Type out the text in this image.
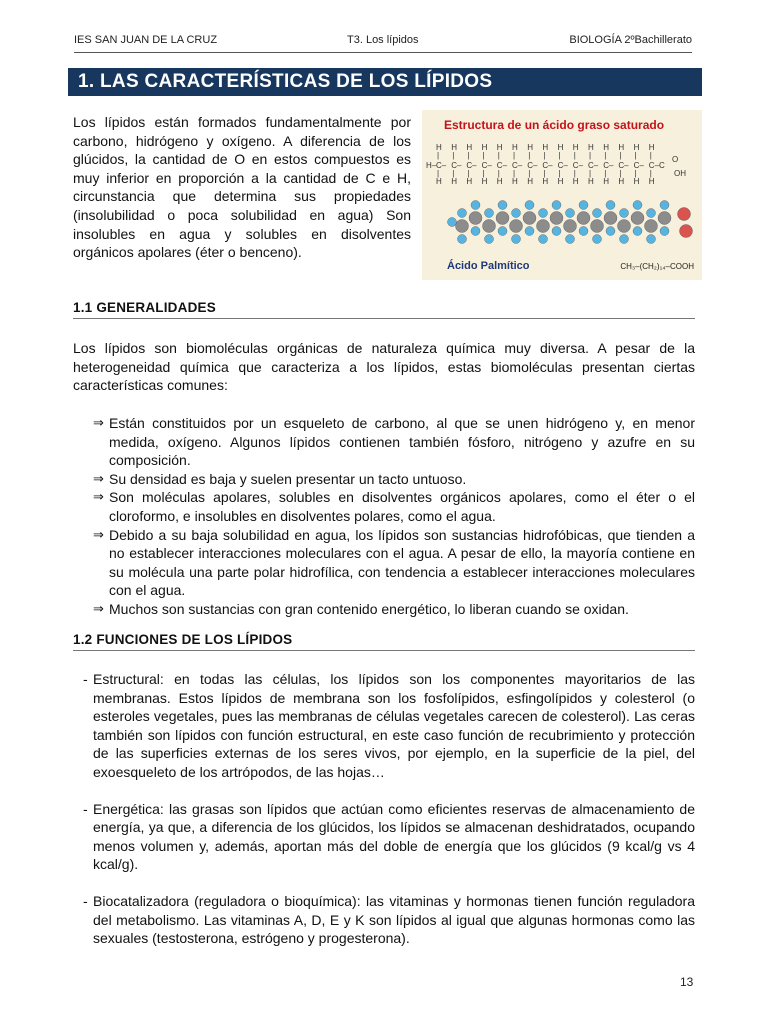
IES SAN JUAN DE LA CRUZ	T3. Los lípidos	BIOLOGÍA 2ºBachillerato
1. LAS CARACTERÍSTICAS DE LOS LÍPIDOS
Los lípidos están formados fundamentalmente por carbono, hidrógeno y oxígeno. A diferencia de los glúcidos, la cantidad de O en estos compuestos es muy inferior en proporción a la cantidad de C e H, circunstancia que determina sus propiedades (insolubilidad o poca solubilidad en agua) Son insolubles en agua y solubles en disolventes orgánicos apolares (éter o benceno).
Estructura de un ácido graso saturado
H–
H
|
C–
|
H
H
|
C–
|
H
H
|
C–
|
H
H
|
C–
|
H
H
|
C–
|
H
H
|
C–
|
H
H
|
C–
|
H
H
|
C–
|
H
H
|
C–
|
H
H
|
C–
|
H
H
|
C–
|
H
H
|
C–
|
H
H
|
C–
|
H
H
|
C–
|
H
H
|
C–C
|
H
O
OH
Ácido Palmítico	CH₃–(CH₂)₁₄–COOH
1.1 GENERALIDADES
Los lípidos son biomoléculas orgánicas de naturaleza química muy diversa. A pesar de la heterogeneidad química que caracteriza a los lípidos, estas biomoléculas presentan ciertas características comunes:
⇒ Están constituidos por un esqueleto de carbono, al que se unen hidrógeno y, en menor medida, oxígeno. Algunos lípidos contienen también fósforo, nitrógeno y azufre en su composición.
⇒ Su densidad es baja y suelen presentar un tacto untuoso.
⇒ Son moléculas apolares, solubles en disolventes orgánicos apolares, como el éter o el cloroformo, e insolubles en disolventes polares, como el agua.
⇒ Debido a su baja solubilidad en agua, los lípidos son sustancias hidrofóbicas, que tienden a no establecer interacciones moleculares con el agua. A pesar de ello, la mayoría contiene en su molécula una parte polar hidrofílica, con tendencia a establecer interacciones moleculares con el agua.
⇒ Muchos son sustancias con gran contenido energético, lo liberan cuando se oxidan.
1.2 FUNCIONES DE LOS LÍPIDOS
- Estructural: en todas las células, los lípidos son los componentes mayoritarios de las membranas. Estos lípidos de membrana son los fosfolípidos, esfingolípidos y colesterol (o esteroles vegetales, pues las membranas de células vegetales carecen de colesterol). Las ceras también son lípidos con función estructural, en este caso función de recubrimiento y protección de las superficies externas de los seres vivos, por ejemplo, en la superficie de la piel, del exoesqueleto de los artrópodos, de las hojas…
- Energética: las grasas son lípidos que actúan como eficientes reservas de almacenamiento de energía, ya que, a diferencia de los glúcidos, los lípidos se almacenan deshidratados, ocupando menos volumen y, además, aportan más del doble de energía que los glúcidos (9 kcal/g vs 4 kcal/g).
- Biocatalizadora (reguladora o bioquímica): las vitaminas y hormonas tienen función reguladora del metabolismo. Las vitaminas A, D, E y K son lípidos al igual que algunas hormonas como las sexuales (testosterona, estrógeno y progesterona).
13
